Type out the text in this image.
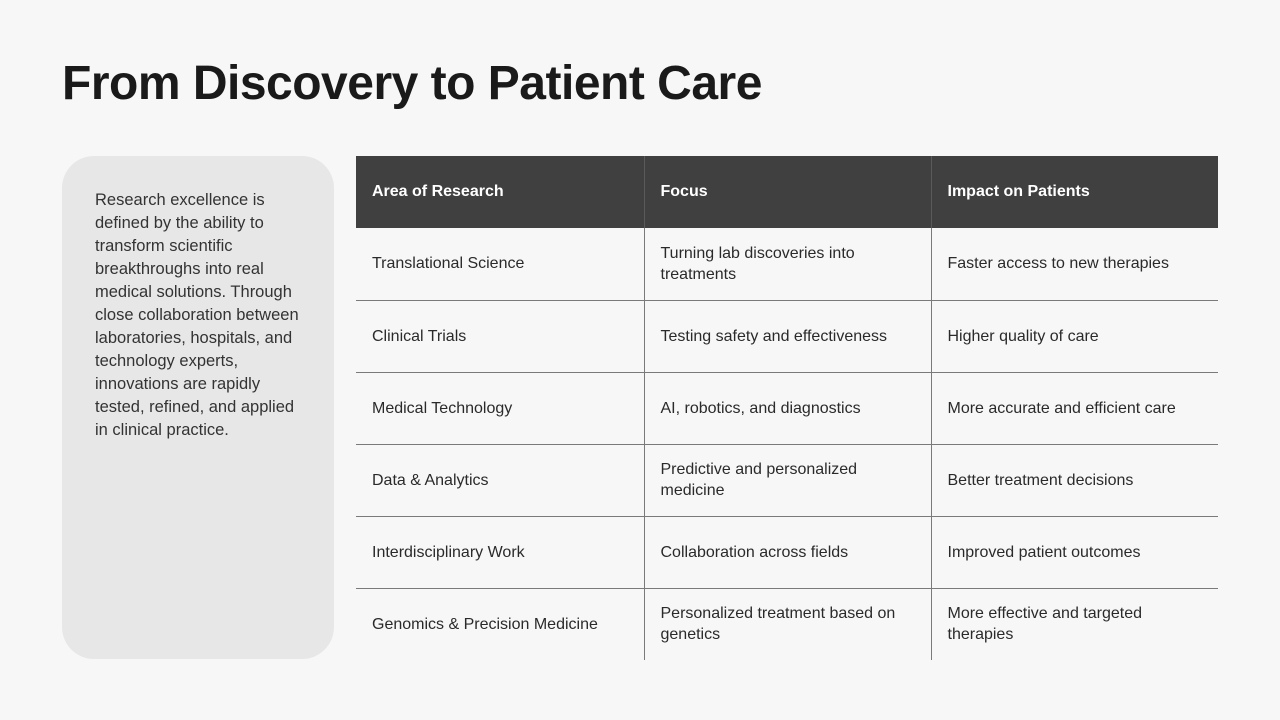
From Discovery to Patient Care

Research excellence is defined by the ability to transform scientific breakthroughs into real medical solutions. Through close collaboration between laboratories, hospitals, and technology experts, innovations are rapidly tested, refined, and applied in clinical practice.

Area of Research	Focus	Impact on Patients
Translational Science	Turning lab discoveries into treatments	Faster access to new therapies
Clinical Trials	Testing safety and effectiveness	Higher quality of care
Medical Technology	AI, robotics, and diagnostics	More accurate and efficient care
Data & Analytics	Predictive and personalized medicine	Better treatment decisions
Interdisciplinary Work	Collaboration across fields	Improved patient outcomes
Genomics & Precision Medicine	Personalized treatment based on genetics	More effective and targeted therapies
